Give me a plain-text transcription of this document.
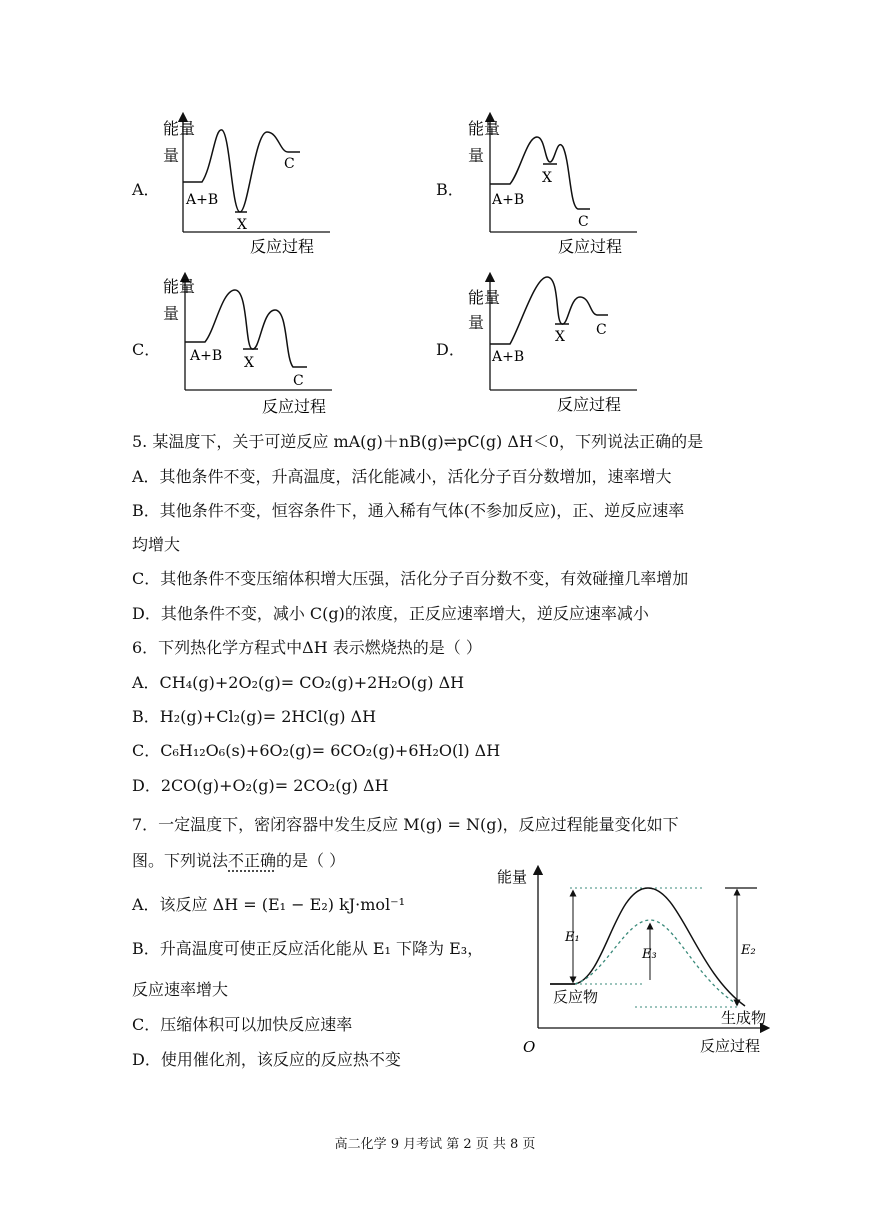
A．
能量
A+B
X
C
反应过程
量
B．
能量
A+B
X
C
反应过程
量
C．
能量
A+B X
C
反应过程
量
D．
能量
A+B
X C
反应过程
量
5. 某温度下，关于可逆反应 mA(g)＋nB(g)⇌pC(g) ΔH＜0，下列说法正确的是
A．其他条件不变，升高温度，活化能减小，活化分子百分数增加，速率增大
B．其他条件不变，恒容条件下，通入稀有气体(不参加反应)，正、逆反应速率
均增大
C．其他条件不变压缩体积增大压强，活化分子百分数不变，有效碰撞几率增加
D．其他条件不变，减小 C(g)的浓度，正反应速率增大，逆反应速率减小
6．下列热化学方程式中ΔH 表示燃烧热的是（ ）
A．CH₄(g)+2O₂(g)= CO₂(g)+2H₂O(g) ΔH
B．H₂(g)+Cl₂(g)= 2HCl(g) ΔH
C．C₆H₁₂O₆(s)+6O₂(g)= 6CO₂(g)+6H₂O(l) ΔH
D．2CO(g)+O₂(g)= 2CO₂(g) ΔH
7．一定温度下，密闭容器中发生反应 M(g) = N(g)，反应过程能量变化如下
图。下列说法不正确的是（ ）
A．该反应 ΔH = (E₁ − E₂) kJ·mol⁻¹
B．升高温度可使正反应活化能从 E₁ 下降为 E₃，
反应速率增大
C．压缩体积可以加快反应速率
D．使用催化剂，该反应的反应热不变
能量
E₁
E₃	E₂
反应物
生成物
O	反应过程
高二化学 9 月考试 第 2 页 共 8 页
